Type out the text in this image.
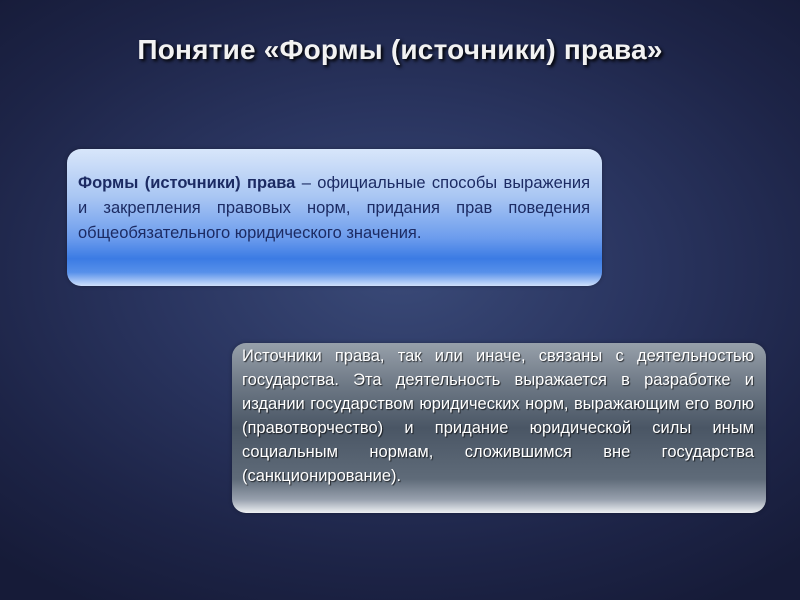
Понятие «Формы (источники) права»

Формы (источники) права – официальные способы выражения и закрепления правовых норм, придания прав поведения общеобязательного юридического значения.

Источники права, так или иначе, связаны с деятельностью государства. Эта деятельность выражается в разработке и издании государством юридических норм, выражающим его волю (правотворчество) и придание юридической силы иным социальным нормам, сложившимся вне государства (санкционирование).
